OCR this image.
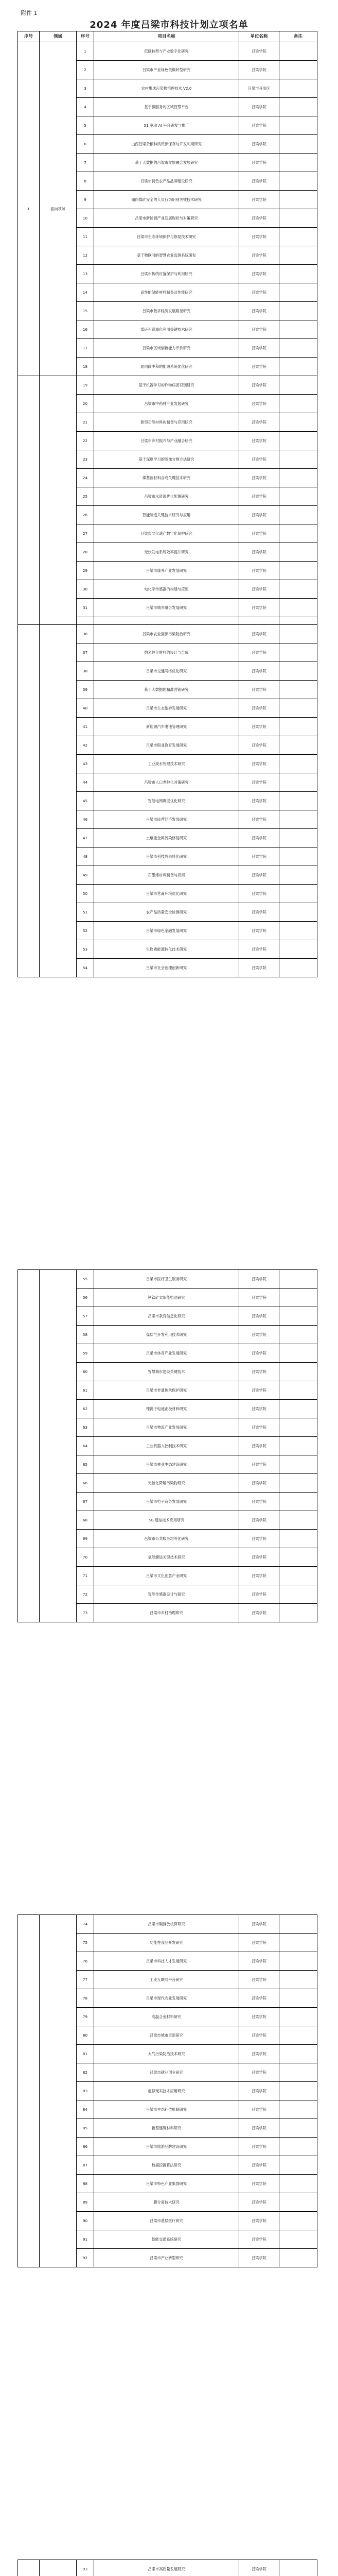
附件 1
2024 年度吕梁市科技计划立项名单
序号	领域	序号	项目名称	单位名称	备注
1	面向领域	1	低碳转型与产业数字化研究	吕梁学院	
		2	吕梁市产业绿色低碳转型研究	吕梁学院	
		3	农村集成污染物治理技术 V2.0	吕梁市开发区	
		4	基于微服务的区域智慧平台	吕梁学院	
		5	51 驱动 AI 平台研发与推广	吕梁学院	
		6	山西吕梁杂粮种质资源保存与开发利用研究	吕梁学院	
		7	基于大数据的吕梁市文旅融合发展研究	吕梁学院	
		8	吕梁市特色农产品品牌建设研究	吕梁学院	
		9	面向煤矿安全的人员行为识别关键技术研究	吕梁学院	
		10	吕梁市新能源产业发展现状与对策研究	吕梁学院	
		11	吕梁市生态环境保护与修复技术研究	吕梁学院	
		12	基于物联网的智慧农业监测系统研发	吕梁学院	
		13	吕梁市传统村落保护与利用研究	吕梁学院	
		14	高性能储能材料制备及性能研究	吕梁学院	
		15	吕梁市数字经济发展路径研究	吕梁学院	
		16	煤矸石资源化利用关键技术研究	吕梁学院	
		17	吕梁市区域创新能力评价研究	吕梁学院	
		18	面向碳中和的能源系统优化研究	吕梁学院	
		19	基于机器学习的作物病害识别研究	吕梁学院	
		20	吕梁市中药材产业发展研究	吕梁学院	
		21	新型功能材料的制备与应用研究	吕梁学院	
		22	吕梁市乡村振兴与产业融合研究	吕梁学院	
		23	基于深度学习的图像分割方法研究	吕梁学院	
		24	煤基新材料合成关键技术研究	吕梁学院	
		25	吕梁市水资源优化配置研究	吕梁学院	
		26	智能制造关键技术研究与应用	吕梁学院	
		27	吕梁市文化遗产数字化保护研究	吕梁学院	
		28	光伏发电系统效率提升研究	吕梁学院	
		29	吕梁市康养产业发展研究	吕梁学院	
		30	电化学传感器的构建与应用	吕梁学院	
		31	吕梁市城乡融合发展研究	吕梁学院	

		36	吕梁市农业面源污染防治研究	吕梁学院	
		37	纳米催化材料的设计与合成	吕梁学院	
		38	吕梁市交通网络优化研究	吕梁学院	
		39	基于大数据的精准营销研究	吕梁学院	
		40	吕梁市生态旅游发展研究	吕梁学院	
		41	新能源汽车电池管理研究	吕梁学院	
		42	吕梁市职业教育发展研究	吕梁学院	
		43	工业废水处理技术研究	吕梁学院	
		44	吕梁市人口老龄化对策研究	吕梁学院	
		45	智能电网调度优化研究	吕梁学院	
		46	吕梁市民营经济发展研究	吕梁学院	
		47	土壤重金属污染修复研究	吕梁学院	
		48	吕梁市科技成果转化研究	吕梁学院	
		49	石墨烯材料制备与应用	吕梁学院	
		50	吕梁市营商环境优化研究	吕梁学院	
		51	农产品质量安全检测研究	吕梁学院	
		52	吕梁市绿色金融发展研究	吕梁学院	
		53	生物质能源转化技术研究	吕梁学院	
		54	吕梁市社会治理创新研究	吕梁学院	
		55	吕梁市医疗卫生服务研究	吕梁学院	
		56	钙钛矿太阳能电池研究	吕梁学院	
		57	吕梁市教育信息化研究	吕梁学院	
		58	煤层气开发利用技术研究	吕梁学院	
		59	吕梁市体育产业发展研究	吕梁学院	
		60	智慧城市建设关键技术	吕梁学院	
		61	吕梁市非遗传承保护研究	吕梁学院	
		62	锂离子电池正极材料研究	吕梁学院	
		63	吕梁市物流产业发展研究	吕梁学院	
		64	工业机器人控制技术研究	吕梁学院	
		65	吕梁市林业生态建设研究	吕梁学院	
		66	光催化降解污染物研究	吕梁学院	
		67	吕梁市电子商务发展研究	吕梁学院	
		68	5G 通信技术应用研究	吕梁学院	
		69	吕梁市公共服务均等化研究	吕梁学院	
		70	氢能储运关键技术研究	吕梁学院	
		71	吕梁市文化创意产业研究	吕梁学院	
		72	智能传感器设计与研究	吕梁学院	
		73	吕梁市乡村治理研究	吕梁学院	
		74	吕梁市碳排放核算研究	吕梁学院	
		75	功能性食品开发研究	吕梁学院	
		76	吕梁市科技人才发展研究	吕梁学院	
		77	工业互联网平台研究	吕梁学院	
		78	吕梁市现代农业发展研究	吕梁学院	
		79	高温合金材料研究	吕梁学院	
		80	吕梁市城市更新研究	吕梁学院	
		81	大气污染防治技术研究	吕梁学院	
		82	吕梁市就业创业研究	吕梁学院	
		83	虚拟现实技术应用研究	吕梁学院	
		84	吕梁市生态补偿机制研究	吕梁学院	
		85	新型建筑材料研究	吕梁学院	
		86	吕梁市旅游品牌建设研究	吕梁学院	
		87	数据挖掘算法研究	吕梁学院	
		88	吕梁市特色产业集群研究	吕梁学院	
		89	膜分离技术研究	吕梁学院	
		90	吕梁市基层医疗研究	吕梁学院	
		91	智能交通系统研究	吕梁学院	
		92	吕梁市产业转型研究	吕梁学院	
		93	吕梁市高质量发展研究	吕梁学院	
